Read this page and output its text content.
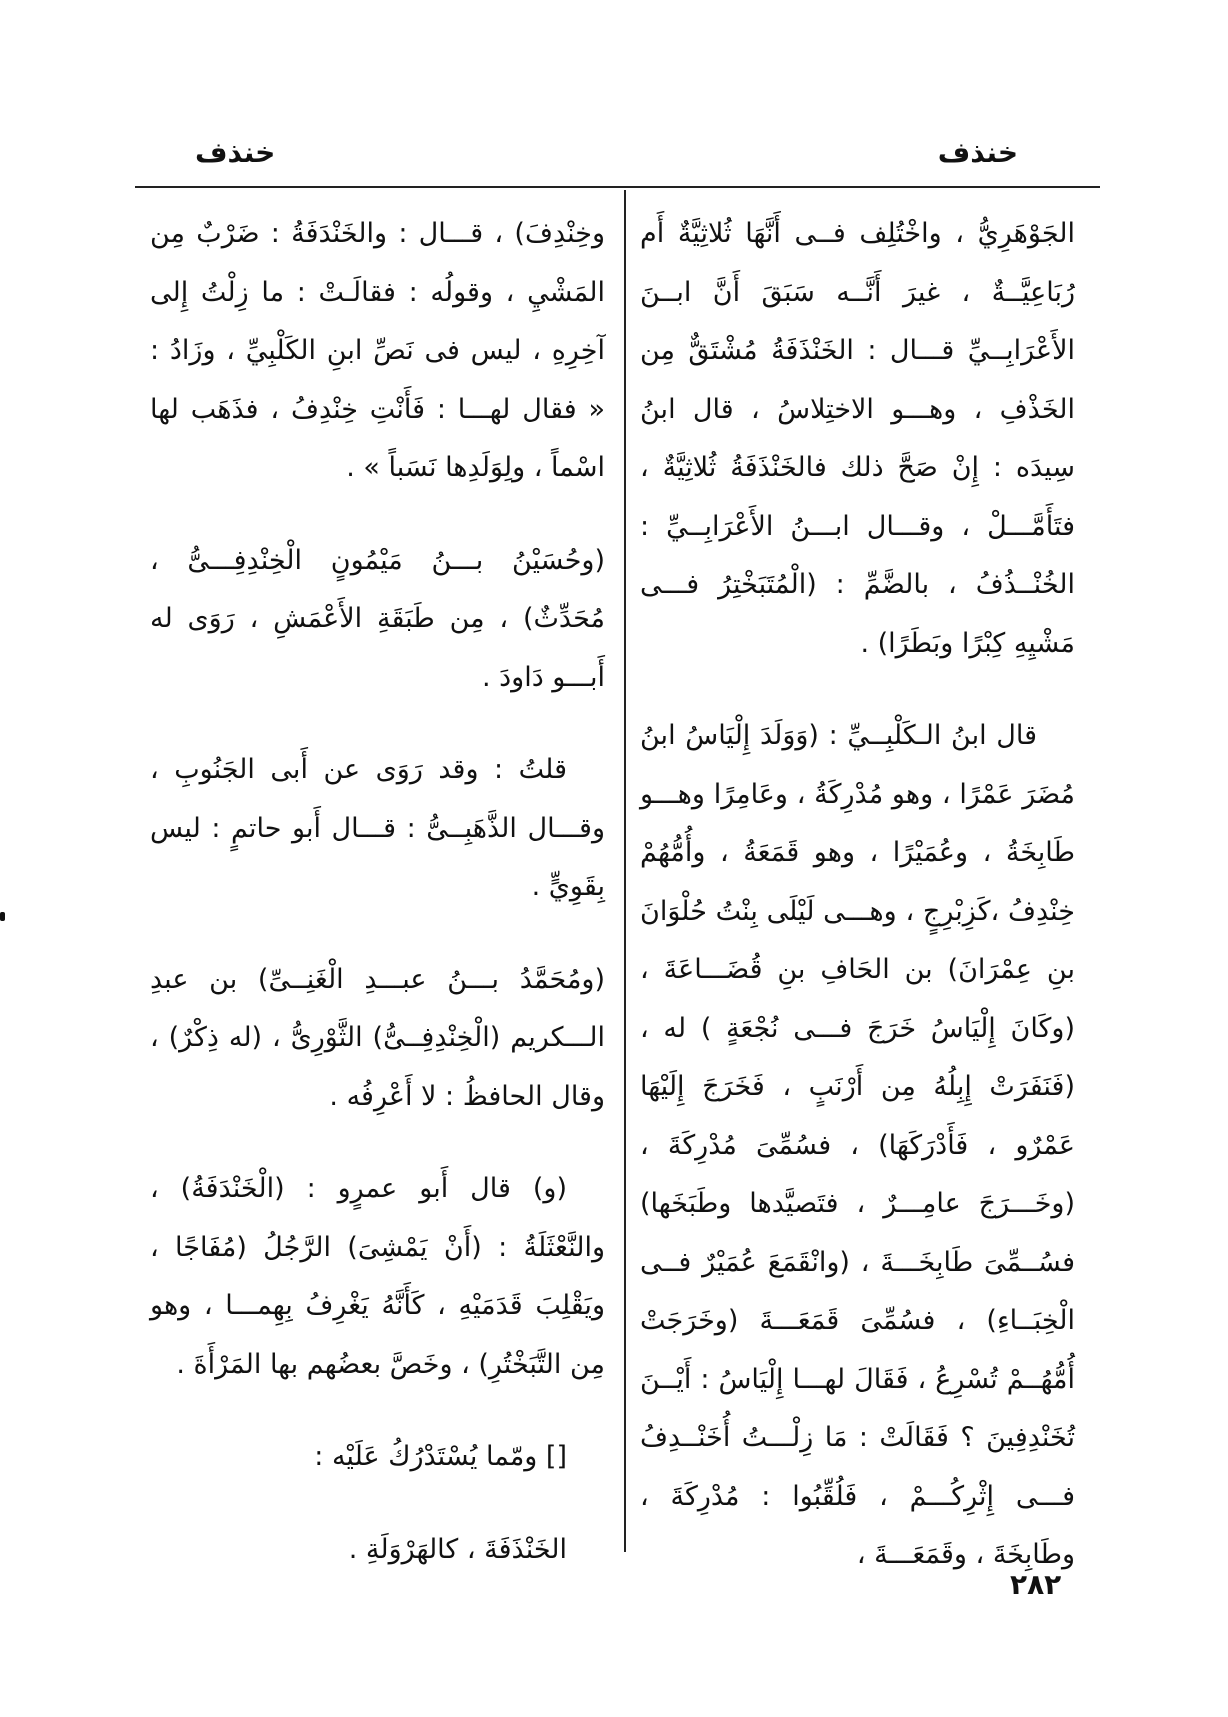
خنذف
خنذف

الجَوْهَرِيُّ ، واخْتُلِف فــى أَنَّهَا ثُلاثِيَّةٌ أَم رُبَاعِيَّــةٌ ، غيرَ أَنَّــه سَبَقَ أَنَّ ابــنَ الأَعْرَابِــيِّ قـــال : الخَنْذَفَةُ مُشْتَقٌّ مِن الخَذْفِ ، وهـــو الاختِلاسُ ، قال ابنُ سِيدَه : إِنْ صَحَّ ذلك فالخَنْذَفَةُ ثُلاثِيَّةٌ ، فتَأَمَّـــلْ ، وقـــال ابـــنُ الأَعْرَابِــيِّ : الخُنْــذُفُ ، بالضَّمِّ : (الْمُتَبَخْتِرُ فـــى مَشْيِهِ كِبْرًا وبَطَرًا) .

قال ابنُ الـكَلْبِــيِّ : (وَوَلَدَ إِلْيَاسُ ابنُ مُضَرَ عَمْرًا ، وهو مُدْرِكَةُ ، وعَامِرًا وهـــو طَابِخَةُ ، وعُمَيْرًا ، وهو قَمَعَةُ ، وأُمُّهُمْ خِنْدِفُ ،كَزِبْرِجٍ ، وهـــى لَيْلَى بِنْتُ حُلْوَانَ بنِ عِمْرَانَ) بن الحَافِ بنِ قُضَـــاعَةَ ، (وكَانَ إِلْيَاسُ خَرَجَ فـــى نُجْعَةٍ ) له ، (فَنَفَرَتْ إِبِلُهُ مِن أَرْنَبٍ ، فَخَرَجَ إِلَيْهَا عَمْرٌو ، فَأَدْرَكَهَا) ، فسُمِّىَ مُدْرِكَةَ ، (وخَـــرَجَ عامِـــرٌ ، فتَصيَّدها وطَبَخَها) فسُــمِّىَ طَابِخَـــةَ ، (وانْقَمَعَ عُمَيْرٌ فــى الْخِبَــاءِ) ، فسُمِّىَ قَمَعَـــةَ (وخَرَجَتْ أُمُّهُــمْ تُسْرِعُ ، فَقَالَ لهـــا إِلْيَاسُ : أَيْــنَ تُخَنْدِفِينَ ؟ فَقَالَتْ : مَا زِلْـــتُ أُخَنْــدِفُ فـــى إِثْرِكُـــمْ ، فَلُقِّبُوا : مُدْرِكَةَ ، وطَابِخَةَ ، وقَمَعَـــةَ ،

وخِنْدِفَ) ، قـــال : والخَنْدَفَةُ : ضَرْبٌ مِن المَشْيِ ، وقولُه : فقالَـتْ : ما زِلْتُ إِلى آخِرِهِ ، ليس فى نَصِّ ابنِ الكَلْبِيِّ ، وزَادُ : « فقال لهـــا : فَأَنْتِ خِنْدِفُ ، فذَهَب لها اسْماً ، ولِوَلَدِها نَسَباً » .

(وحُسَيْنُ بـــنُ مَيْمُونٍ الْخِنْدِفِـــىُّ ، مُحَدِّثٌ) ، مِن طَبَقَةِ الأَعْمَشِ ، رَوَى له أَبـــو دَاودَ .

قلتُ : وقد رَوَى عن أَبى الجَنُوبِ ، وقـــال الذَّهَبِــىُّ : قـــال أَبو حاتمٍ : ليس بِقَوِيٍّ .

(ومُحَمَّدُ بـــنُ عبـــدِ الْغَنِــىِّ) بن عبدِ الـــكريم (الْخِنْدِفِــىُّ) الثَّوْرِىُّ ، (له ذِكْرٌ) ، وقال الحافظُ : لا أَعْرِفُه .

(و) قال أَبو عمرٍو : (الْخَنْدَفَةُ) ، والنَّعْثَلَةُ : (أَنْ يَمْشِىَ) الرَّجُلُ (مُفَاجًا ، ويَقْلِبَ قَدَمَيْهِ ، كَأَنَّهُ يَغْرِفُ بِهِمـــا ، وهو مِن التَّبَخْتُرِ) ، وخَصَّ بعضُهم بها المَرْأَةَ .

[] ومّما يُسْتَدْرُكُ عَلَيْه :

الخَنْذَفَةَ ، كالهَرْوَلَةِ .

٢٨٢
